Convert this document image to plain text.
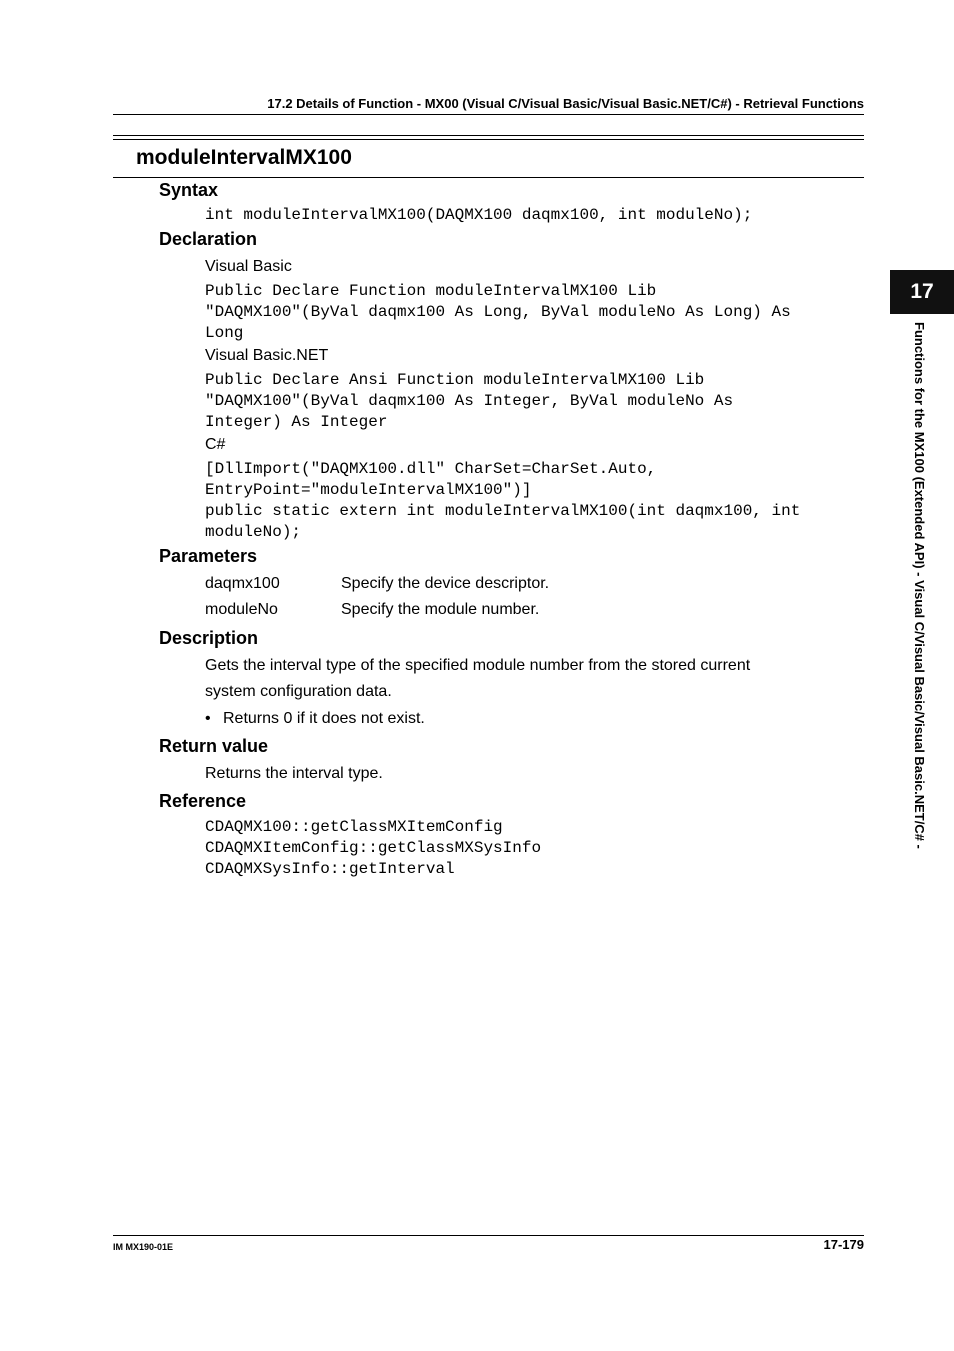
17.2 Details of Function - MX00 (Visual C/Visual Basic/Visual Basic.NET/C#) - Retrieval Functions
moduleIntervalMX100
Syntax
int moduleIntervalMX100(DAQMX100 daqmx100, int moduleNo);
Declaration
Visual Basic
Public Declare Function moduleIntervalMX100 Lib
"DAQMX100"(ByVal daqmx100 As Long, ByVal moduleNo As Long) As
Long
Visual Basic.NET
Public Declare Ansi Function moduleIntervalMX100 Lib
"DAQMX100"(ByVal daqmx100 As Integer, ByVal moduleNo As
Integer) As Integer
C#
[DllImport("DAQMX100.dll" CharSet=CharSet.Auto,
EntryPoint="moduleIntervalMX100")]
public static extern int moduleIntervalMX100(int daqmx100, int
moduleNo);
Parameters
daqmx100	Specify the device descriptor.
moduleNo	Specify the module number.
Description
Gets the interval type of the specified module number from the stored current
system configuration data.
• Returns 0 if it does not exist.
Return value
Returns the interval type.
Reference
CDAQMX100::getClassMXItemConfig
CDAQMXItemConfig::getClassMXSysInfo
CDAQMXSysInfo::getInterval
17
Functions for the MX100 (Extended API) - Visual C/Visual Basic/Visual Basic.NET/C# -
IM MX190-01E	17-179
